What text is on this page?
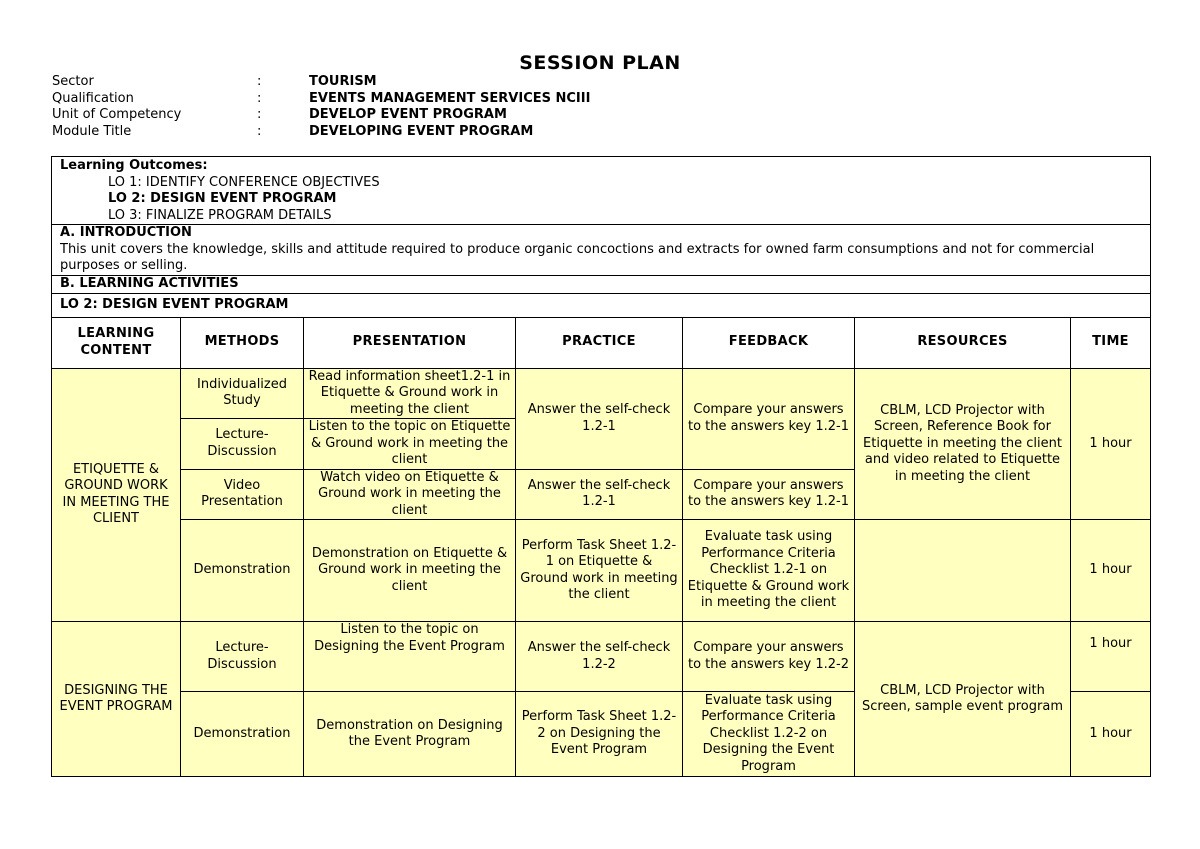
SESSION PLAN
Sector	:	TOURISM
Qualification	:	EVENTS MANAGEMENT SERVICES NCIII
Unit of Competency	:	DEVELOP EVENT PROGRAM
Module Title	:	DEVELOPING EVENT PROGRAM
Learning Outcomes:
LO 1: IDENTIFY CONFERENCE OBJECTIVES
LO 2: DESIGN EVENT PROGRAM
LO 3: FINALIZE PROGRAM DETAILS						

A. INTRODUCTION
This unit covers the knowledge, skills and attitude required to produce organic concoctions and extracts for owned farm consumptions and not for commercial purposes or selling.						

B. LEARNING ACTIVITIES						
LO 2: DESIGN EVENT PROGRAM						
LEARNING CONTENT	METHODS	PRESENTATION	PRACTICE	FEEDBACK	RESOURCES	TIME
ETIQUETTE & GROUND WORK IN MEETING THE CLIENT	Individualized Study	Read information sheet1.2-1 in Etiquette & Ground work in meeting the client	Answer the self-check 1.2-1	Compare your answers to the answers key 1.2-1	CBLM, LCD Projector with Screen, Reference Book for Etiquette in meeting the client and video related to Etiquette in meeting the client	1 hour
	Lecture-Discussion	Listen to the topic on Etiquette & Ground work in meeting the client				
	Video Presentation	Watch video on Etiquette & Ground work in meeting the client	Answer the self-check 1.2-1	Compare your answers to the answers key 1.2-1		
	Demonstration	Demonstration on Etiquette & Ground work in meeting the client	Perform Task Sheet 1.2-1 on Etiquette & Ground work in meeting the client	Evaluate task using Performance Criteria Checklist 1.2-1 on Etiquette & Ground work in meeting the client		1 hour
DESIGNING THE EVENT PROGRAM	Lecture-Discussion	Listen to the topic on Designing the Event Program	Answer the self-check 1.2-2	Compare your answers to the answers key 1.2-2	CBLM, LCD Projector with Screen, sample event program	1 hour
	Demonstration	Demonstration on Designing the Event Program	Perform Task Sheet 1.2-2 on Designing the Event Program	Evaluate task using Performance Criteria Checklist 1.2-2 on Designing the Event Program		1 hour
